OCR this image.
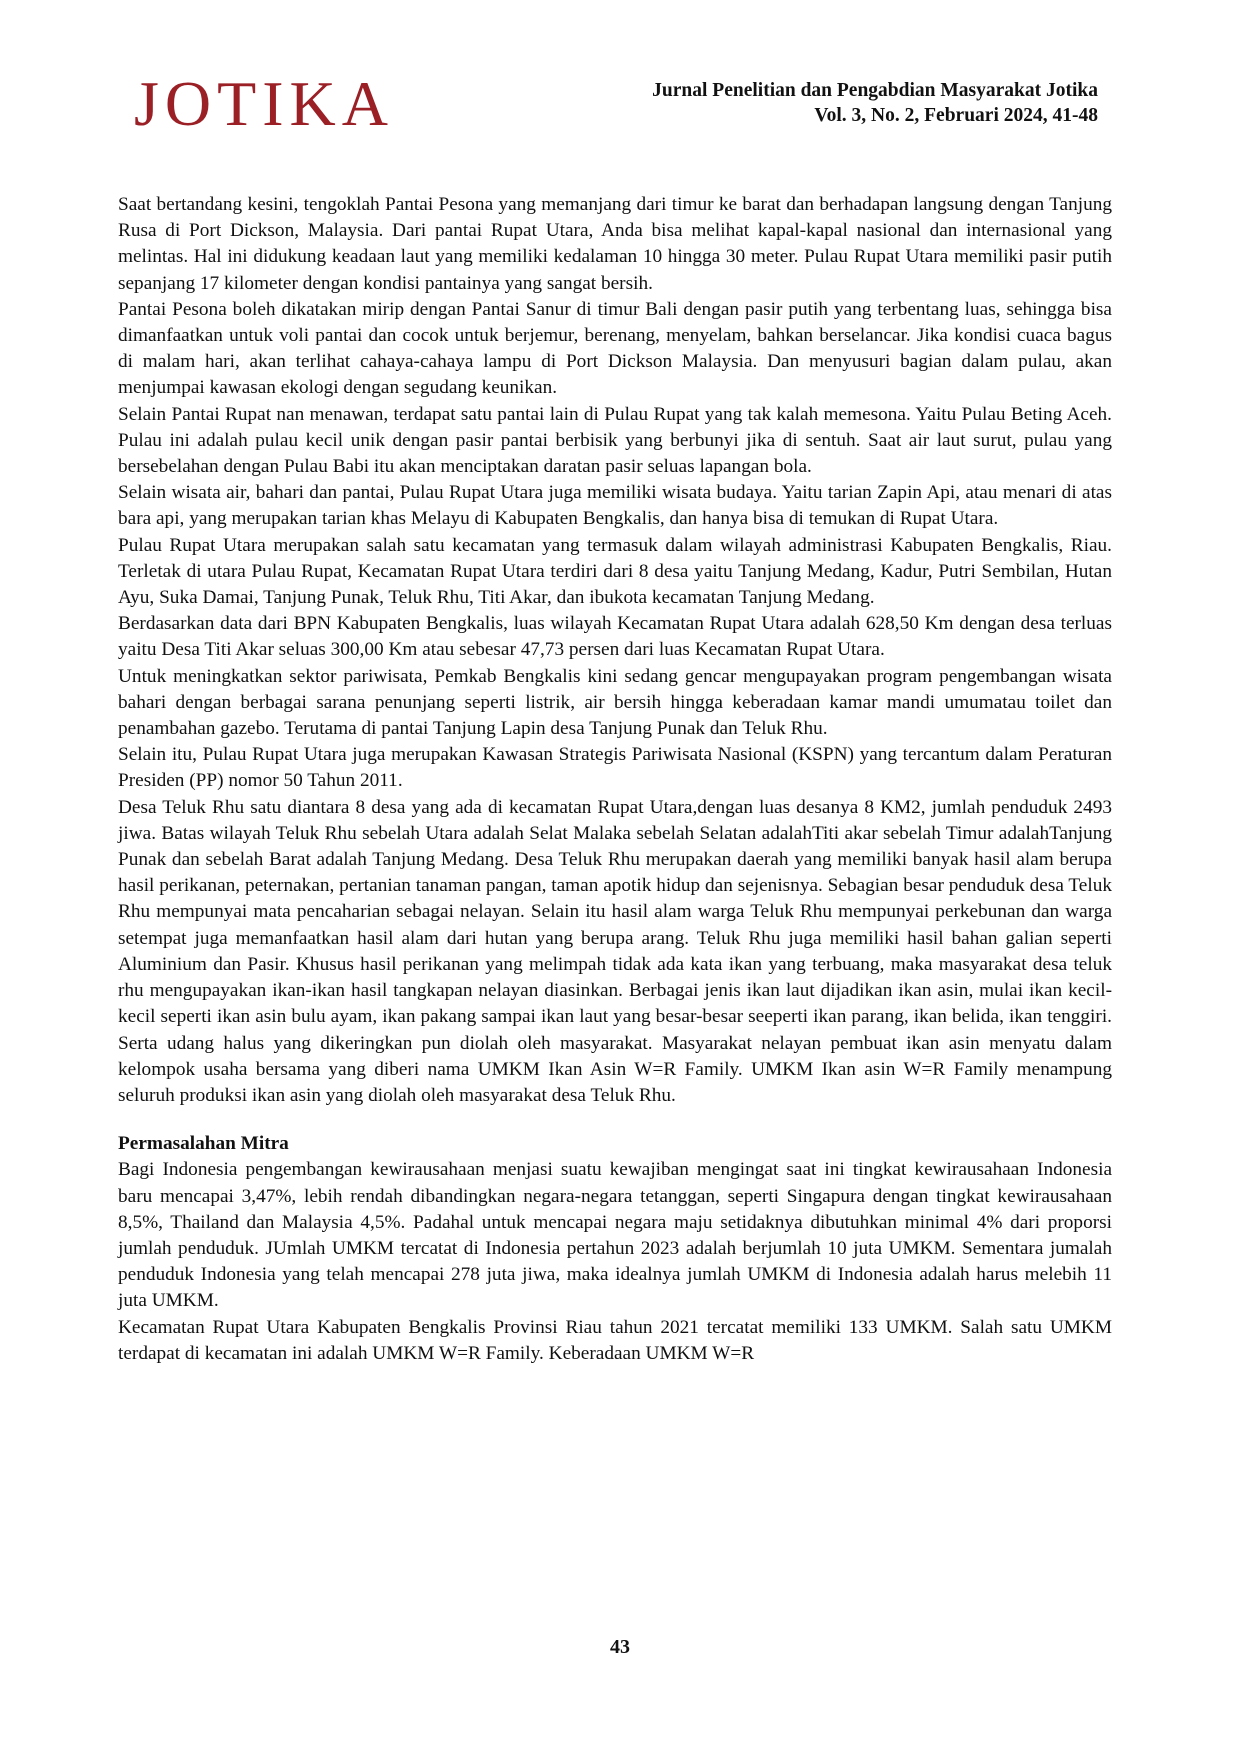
JOTIKA	Jurnal Penelitian dan Pengabdian Masyarakat Jotika
Vol. 3, No. 2, Februari 2024, 41-48

Saat bertandang kesini, tengoklah Pantai Pesona yang memanjang dari timur ke barat dan berhadapan langsung dengan Tanjung Rusa di Port Dickson, Malaysia. Dari pantai Rupat Utara, Anda bisa melihat kapal-kapal nasional dan internasional yang melintas. Hal ini didukung keadaan laut yang memiliki kedalaman 10 hingga 30 meter. Pulau Rupat Utara memiliki pasir putih sepanjang 17 kilometer dengan kondisi pantainya yang sangat bersih.

Pantai Pesona boleh dikatakan mirip dengan Pantai Sanur di timur Bali dengan pasir putih yang terbentang luas, sehingga bisa dimanfaatkan untuk voli pantai dan cocok untuk berjemur, berenang, menyelam, bahkan berselancar. Jika kondisi cuaca bagus di malam hari, akan terlihat cahaya-cahaya lampu di Port Dickson Malaysia. Dan menyusuri bagian dalam pulau, akan menjumpai kawasan ekologi dengan segudang keunikan.

Selain Pantai Rupat nan menawan, terdapat satu pantai lain di Pulau Rupat yang tak kalah memesona. Yaitu Pulau Beting Aceh. Pulau ini adalah pulau kecil unik dengan pasir pantai berbisik yang berbunyi jika di sentuh. Saat air laut surut, pulau yang bersebelahan dengan Pulau Babi itu akan menciptakan daratan pasir seluas lapangan bola.

Selain wisata air, bahari dan pantai, Pulau Rupat Utara juga memiliki wisata budaya. Yaitu tarian Zapin Api, atau menari di atas bara api, yang merupakan tarian khas Melayu di Kabupaten Bengkalis, dan hanya bisa di temukan di Rupat Utara.

Pulau Rupat Utara merupakan salah satu kecamatan yang termasuk dalam wilayah administrasi Kabupaten Bengkalis, Riau. Terletak di utara Pulau Rupat, Kecamatan Rupat Utara terdiri dari 8 desa yaitu Tanjung Medang, Kadur, Putri Sembilan, Hutan Ayu, Suka Damai, Tanjung Punak, Teluk Rhu, Titi Akar, dan ibukota kecamatan Tanjung Medang.

Berdasarkan data dari BPN Kabupaten Bengkalis, luas wilayah Kecamatan Rupat Utara adalah 628,50 Km dengan desa terluas yaitu Desa Titi Akar seluas 300,00 Km atau sebesar 47,73 persen dari luas Kecamatan Rupat Utara.

Untuk meningkatkan sektor pariwisata, Pemkab Bengkalis kini sedang gencar mengupayakan program pengembangan wisata bahari dengan berbagai sarana penunjang seperti listrik, air bersih hingga keberadaan kamar mandi umumatau toilet dan penambahan gazebo. Terutama di pantai Tanjung Lapin desa Tanjung Punak dan Teluk Rhu.

Selain itu, Pulau Rupat Utara juga merupakan Kawasan Strategis Pariwisata Nasional (KSPN) yang tercantum dalam Peraturan Presiden (PP) nomor 50 Tahun 2011.

Desa Teluk Rhu satu diantara 8 desa yang ada di kecamatan Rupat Utara,dengan luas desanya 8 KM2, jumlah penduduk 2493 jiwa. Batas wilayah Teluk Rhu sebelah Utara adalah Selat Malaka sebelah Selatan adalahTiti akar sebelah Timur adalahTanjung Punak dan sebelah Barat adalah Tanjung Medang. Desa Teluk Rhu merupakan daerah yang memiliki banyak hasil alam berupa hasil perikanan, peternakan, pertanian tanaman pangan, taman apotik hidup dan sejenisnya. Sebagian besar penduduk desa Teluk Rhu mempunyai mata pencaharian sebagai nelayan. Selain itu hasil alam warga Teluk Rhu mempunyai perkebunan dan warga setempat juga memanfaatkan hasil alam dari hutan yang berupa arang. Teluk Rhu juga memiliki hasil bahan galian seperti Aluminium dan Pasir. Khusus hasil perikanan yang melimpah tidak ada kata ikan yang terbuang, maka masyarakat desa teluk rhu mengupayakan ikan-ikan hasil tangkapan nelayan diasinkan. Berbagai jenis ikan laut dijadikan ikan asin, mulai ikan kecil-kecil seperti ikan asin bulu ayam, ikan pakang sampai ikan laut yang besar-besar seeperti ikan parang, ikan belida, ikan tenggiri. Serta udang halus yang dikeringkan pun diolah oleh masyarakat. Masyarakat nelayan pembuat ikan asin menyatu dalam kelompok usaha bersama yang diberi nama UMKM Ikan Asin W=R Family. UMKM Ikan asin W=R Family menampung seluruh produksi ikan asin yang diolah oleh masyarakat desa Teluk Rhu.

Permasalahan Mitra

Bagi Indonesia pengembangan kewirausahaan menjasi suatu kewajiban mengingat saat ini tingkat kewirausahaan Indonesia baru mencapai 3,47%, lebih rendah dibandingkan negara-negara tetanggan, seperti Singapura dengan tingkat kewirausahaan 8,5%, Thailand dan Malaysia 4,5%. Padahal untuk mencapai negara maju setidaknya dibutuhkan minimal 4% dari proporsi jumlah penduduk. JUmlah UMKM tercatat di Indonesia pertahun 2023 adalah berjumlah 10 juta UMKM. Sementara jumalah penduduk Indonesia yang telah mencapai 278 juta jiwa, maka idealnya jumlah UMKM di Indonesia adalah harus melebih 11 juta UMKM.

Kecamatan Rupat Utara Kabupaten Bengkalis Provinsi Riau tahun 2021 tercatat memiliki 133 UMKM. Salah satu UMKM terdapat di kecamatan ini adalah UMKM W=R Family. Keberadaan UMKM W=R

43
